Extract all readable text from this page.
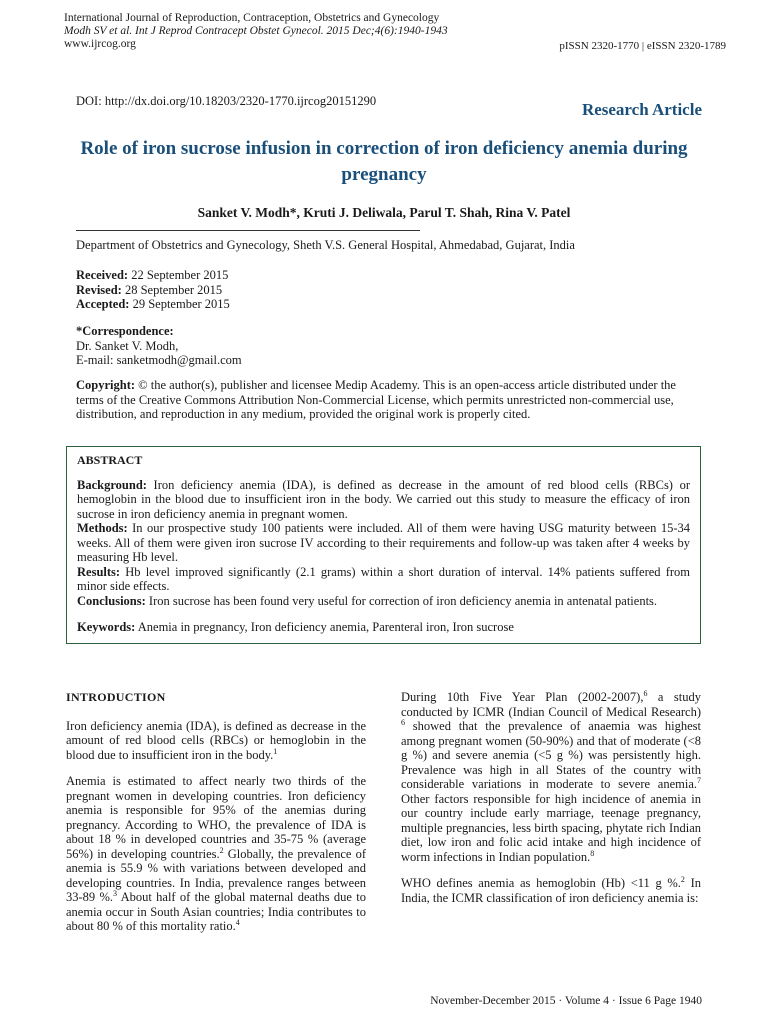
International Journal of Reproduction, Contraception, Obstetrics and Gynecology
Modh SV et al. Int J Reprod Contracept Obstet Gynecol. 2015 Dec;4(6):1940-1943
www.ijrcog.org	pISSN 2320-1770 | eISSN 2320-1789
DOI: http://dx.doi.org/10.18203/2320-1770.ijrcog20151290	Research Article
Role of iron sucrose infusion in correction of iron deficiency anemia during pregnancy
Sanket V. Modh*, Kruti J. Deliwala, Parul T. Shah, Rina V. Patel
Department of Obstetrics and Gynecology, Sheth V.S. General Hospital, Ahmedabad, Gujarat, India
Received: 22 September 2015
Revised: 28 September 2015
Accepted: 29 September 2015
*Correspondence:
Dr. Sanket V. Modh,
E-mail: sanketmodh@gmail.com
Copyright: © the author(s), publisher and licensee Medip Academy. This is an open-access article distributed under the terms of the Creative Commons Attribution Non-Commercial License, which permits unrestricted non-commercial use, distribution, and reproduction in any medium, provided the original work is properly cited.

ABSTRACT

Background: Iron deficiency anemia (IDA), is defined as decrease in the amount of red blood cells (RBCs) or hemoglobin in the blood due to insufficient iron in the body. We carried out this study to measure the efficacy of iron sucrose in iron deficiency anemia in pregnant women.

Methods: In our prospective study 100 patients were included. All of them were having USG maturity between 15-34 weeks. All of them were given iron sucrose IV according to their requirements and follow-up was taken after 4 weeks by measuring Hb level.

Results: Hb level improved significantly (2.1 grams) within a short duration of interval. 14% patients suffered from minor side effects.

Conclusions: Iron sucrose has been found very useful for correction of iron deficiency anemia in antenatal patients.

Keywords: Anemia in pregnancy, Iron deficiency anemia, Parenteral iron, Iron sucrose

INTRODUCTION

Iron deficiency anemia (IDA), is defined as decrease in the amount of red blood cells (RBCs) or hemoglobin in the blood due to insufficient iron in the body.$^1$

Anemia is estimated to affect nearly two thirds of the pregnant women in developing countries. Iron deficiency anemia is responsible for 95% of the anemias during pregnancy. According to WHO, the prevalence of IDA is about 18 % in developed countries and 35-75 % (average 56%) in developing countries.$^2$ Globally, the prevalence of anemia is 55.9 % with variations between developed and developing countries. In India, prevalence ranges between 33-89 %.$^3$ About half of the global maternal deaths due to anemia occur in South Asian countries; India contributes to about 80 % of this mortality ratio.$^4$

During 10th Five Year Plan (2002-2007),$^6$ a study conducted by ICMR (Indian Council of Medical Research) $^6$ showed that the prevalence of anaemia was highest among pregnant women (50-90%) and that of moderate (<8 g %) and severe anemia (<5 g %) was persistently high. Prevalence was high in all States of the country with considerable variations in moderate to severe anemia.$^7$ Other factors responsible for high incidence of anemia in our country include early marriage, teenage pregnancy, multiple pregnancies, less birth spacing, phytate rich Indian diet, low iron and folic acid intake and high incidence of worm infections in Indian population.$^8$

WHO defines anemia as hemoglobin (Hb) <11 g %.$^2$ In India, the ICMR classification of iron deficiency anemia is:

November-December 2015 · Volume 4 · Issue 6 Page 1940
